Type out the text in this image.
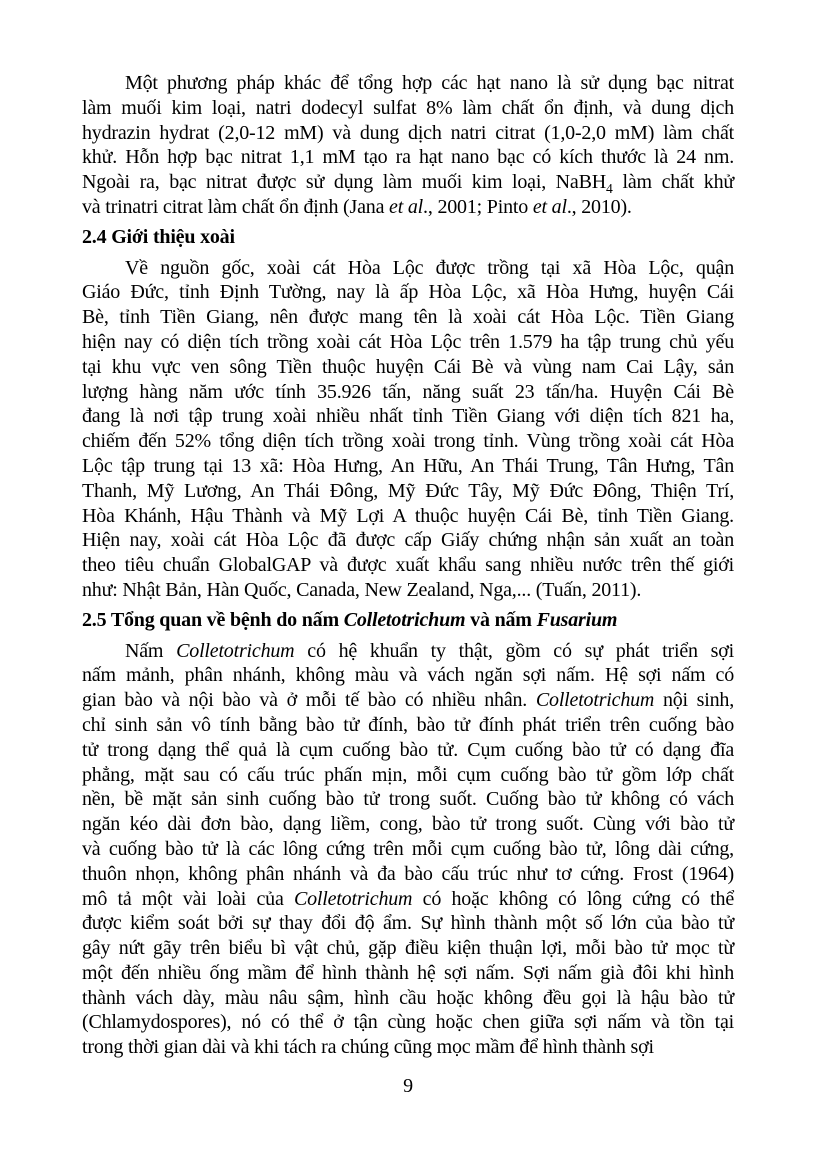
Một phương pháp khác để tổng hợp các hạt nano là sử dụng bạc nitrat
làm muối kim loại, natri dodecyl sulfat 8% làm chất ổn định, và dung dịch
hydrazin hydrat (2,0-12 mM) và dung dịch natri citrat (1,0-2,0 mM) làm chất
khử. Hỗn hợp bạc nitrat 1,1 mM tạo ra hạt nano bạc có kích thước là 24 nm.
Ngoài ra, bạc nitrat được sử dụng làm muối kim loại, NaBH$_4$ làm chất khử
và trinatri citrat làm chất ổn định (Jana et al., 2001; Pinto et al., 2010).
2.4 Giới thiệu xoài
Về nguồn gốc, xoài cát Hòa Lộc được trồng tại xã Hòa Lộc, quận
Giáo Đức, tỉnh Định Tường, nay là ấp Hòa Lộc, xã Hòa Hưng, huyện Cái
Bè, tỉnh Tiền Giang, nên được mang tên là xoài cát Hòa Lộc. Tiền Giang
hiện nay có diện tích trồng xoài cát Hòa Lộc trên 1.579 ha tập trung chủ yếu
tại khu vực ven sông Tiền thuộc huyện Cái Bè và vùng nam Cai Lậy, sản
lượng hàng năm ước tính 35.926 tấn, năng suất 23 tấn/ha. Huyện Cái Bè
đang là nơi tập trung xoài nhiều nhất tỉnh Tiền Giang với diện tích 821 ha,
chiếm đến 52% tổng diện tích trồng xoài trong tỉnh. Vùng trồng xoài cát Hòa
Lộc tập trung tại 13 xã: Hòa Hưng, An Hữu, An Thái Trung, Tân Hưng, Tân
Thanh, Mỹ Lương, An Thái Đông, Mỹ Đức Tây, Mỹ Đức Đông, Thiện Trí,
Hòa Khánh, Hậu Thành và Mỹ Lợi A thuộc huyện Cái Bè, tỉnh Tiền Giang.
Hiện nay, xoài cát Hòa Lộc đã được cấp Giấy chứng nhận sản xuất an toàn
theo tiêu chuẩn GlobalGAP và được xuất khẩu sang nhiều nước trên thế giới
như: Nhật Bản, Hàn Quốc, Canada, New Zealand, Nga,... (Tuấn, 2011).
2.5 Tổng quan về bệnh do nấm Colletotrichum và nấm Fusarium
Nấm Colletotrichum có hệ khuẩn ty thật, gồm có sự phát triển sợi
nấm mảnh, phân nhánh, không màu và vách ngăn sợi nấm. Hệ sợi nấm có
gian bào và nội bào và ở mỗi tế bào có nhiều nhân. Colletotrichum nội sinh,
chỉ sinh sản vô tính bằng bào tử đính, bào tử đính phát triển trên cuống bào
tử trong dạng thể quả là cụm cuống bào tử. Cụm cuống bào tử có dạng đĩa
phẳng, mặt sau có cấu trúc phấn mịn, mỗi cụm cuống bào tử gồm lớp chất
nền, bề mặt sản sinh cuống bào tử trong suốt. Cuống bào tử không có vách
ngăn kéo dài đơn bào, dạng liềm, cong, bào tử trong suốt. Cùng với bào tử
và cuống bào tử là các lông cứng trên mỗi cụm cuống bào tử, lông dài cứng,
thuôn nhọn, không phân nhánh và đa bào cấu trúc như tơ cứng. Frost (1964)
mô tả một vài loài của Colletotrichum có hoặc không có lông cứng có thể
được kiểm soát bởi sự thay đổi độ ẩm. Sự hình thành một số lớn của bào tử
gây nứt gãy trên biểu bì vật chủ, gặp điều kiện thuận lợi, mỗi bào tử mọc từ
một đến nhiều ống mầm để hình thành hệ sợi nấm. Sợi nấm già đôi khi hình
thành vách dày, màu nâu sậm, hình cầu hoặc không đều gọi là hậu bào tử
(Chlamydospores), nó có thể ở tận cùng hoặc chen giữa sợi nấm và tồn tại
trong thời gian dài và khi tách ra chúng cũng mọc mầm để hình thành sợi
9
